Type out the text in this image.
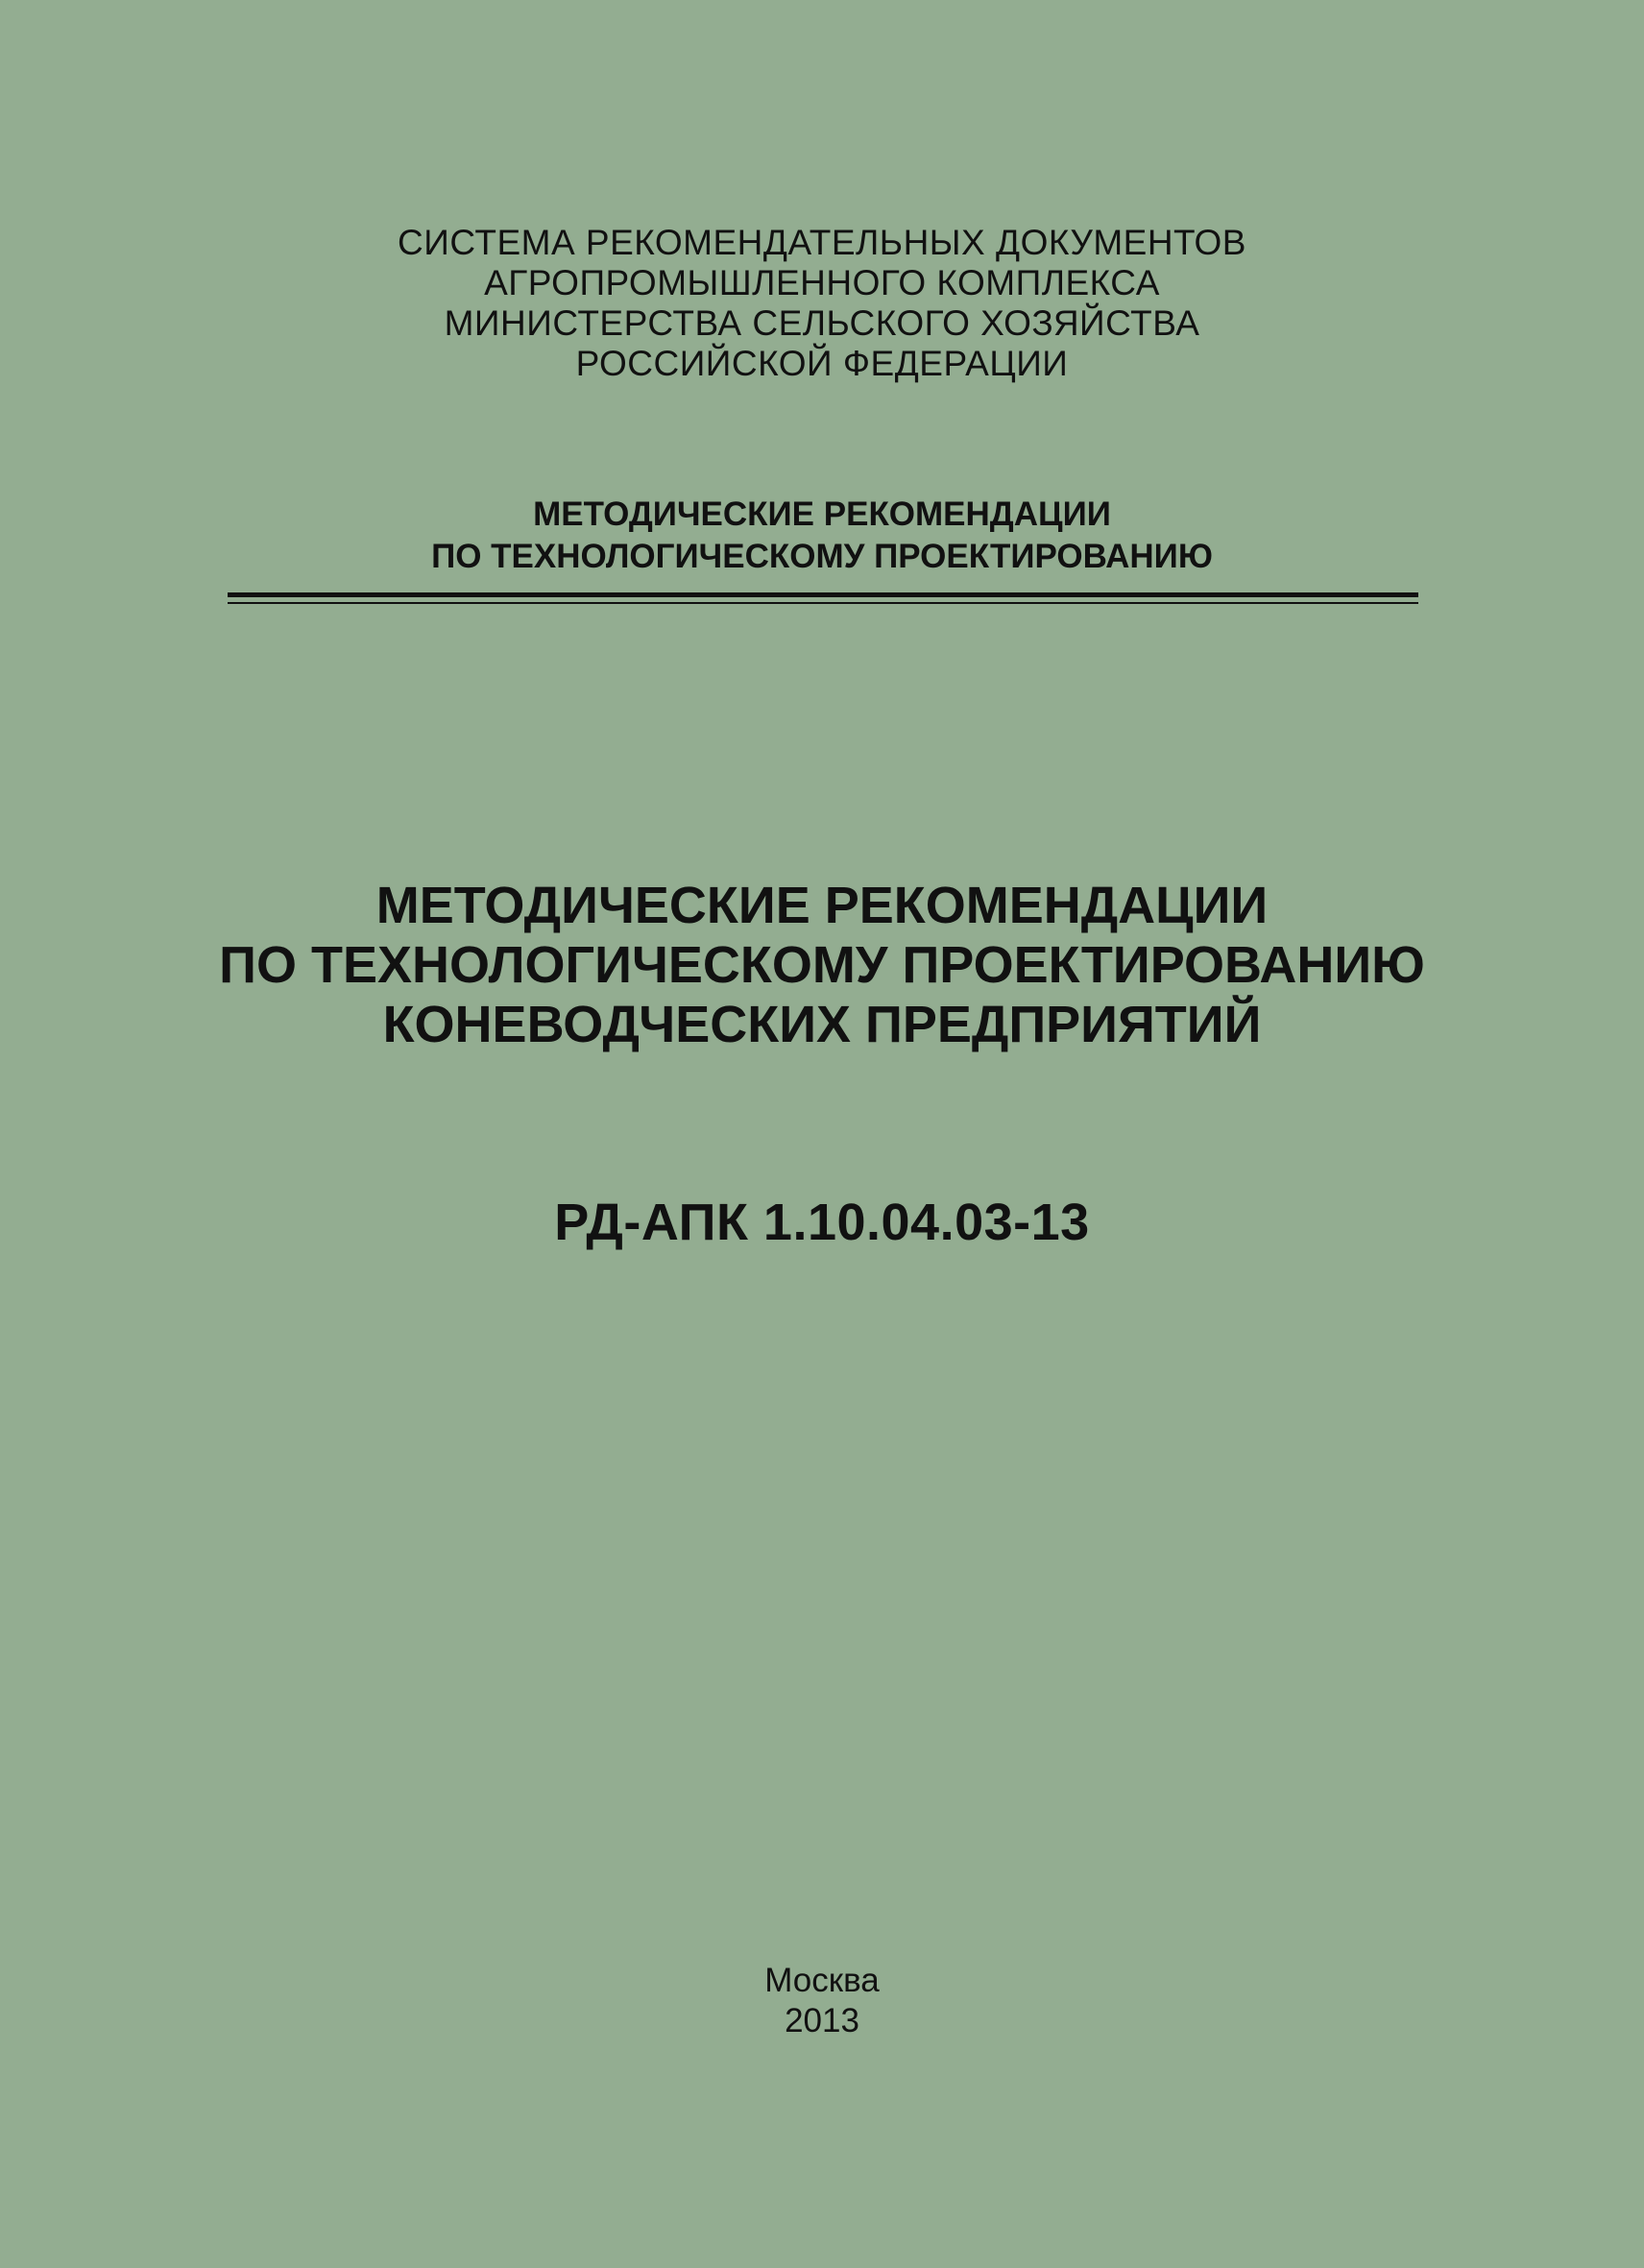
СИСТЕМА РЕКОМЕНДАТЕЛЬНЫХ ДОКУМЕНТОВ
АГРОПРОМЫШЛЕННОГО КОМПЛЕКСА
МИНИСТЕРСТВА СЕЛЬСКОГО ХОЗЯЙСТВА
РОССИЙСКОЙ ФЕДЕРАЦИИ
МЕТОДИЧЕСКИЕ РЕКОМЕНДАЦИИ
ПО ТЕХНОЛОГИЧЕСКОМУ ПРОЕКТИРОВАНИЮ
МЕТОДИЧЕСКИЕ РЕКОМЕНДАЦИИ
ПО ТЕХНОЛОГИЧЕСКОМУ ПРОЕКТИРОВАНИЮ
КОНЕВОДЧЕСКИХ ПРЕДПРИЯТИЙ
РД-АПК 1.10.04.03-13
Москва
2013
